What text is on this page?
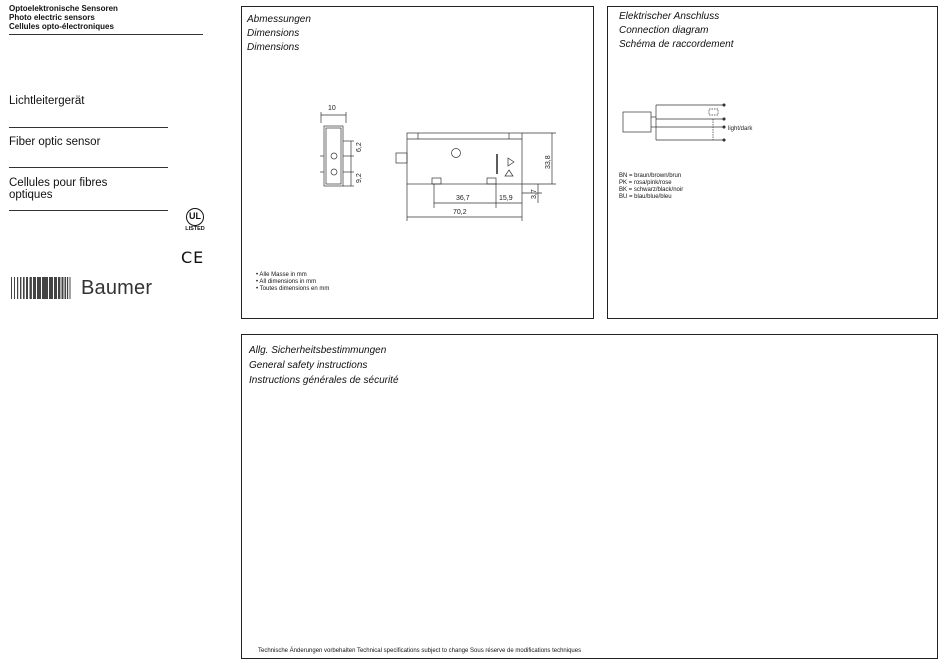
Optoelektronische Sensoren
Photo electric sensors
Cellules opto-électroniques
Lichtleitergerät
Fiber optic sensor
Cellules pour fibres
optiques
UL
LISTED
CE
Baumer
Abmessungen
Dimensions
Dimensions
10
6,2
9,2
33,8
3,7
36,7	15,9
70,2
• Alle Masse in mm
• All dimensions in mm
• Toutes dimensions en mm
Elektrischer Anschluss
Connection diagram
Schéma de raccordement
light/dark
BN = braun/brown/brun
PK = rosa/pink/rose
BK = schwarz/black/noir
BU = blau/blue/bleu
Allg. Sicherheitsbestimmungen
General safety instructions
Instructions générales de sécurité
Technische Änderungen vorbehalten Technical specifications subject to change Sous réserve de modifications techniques
